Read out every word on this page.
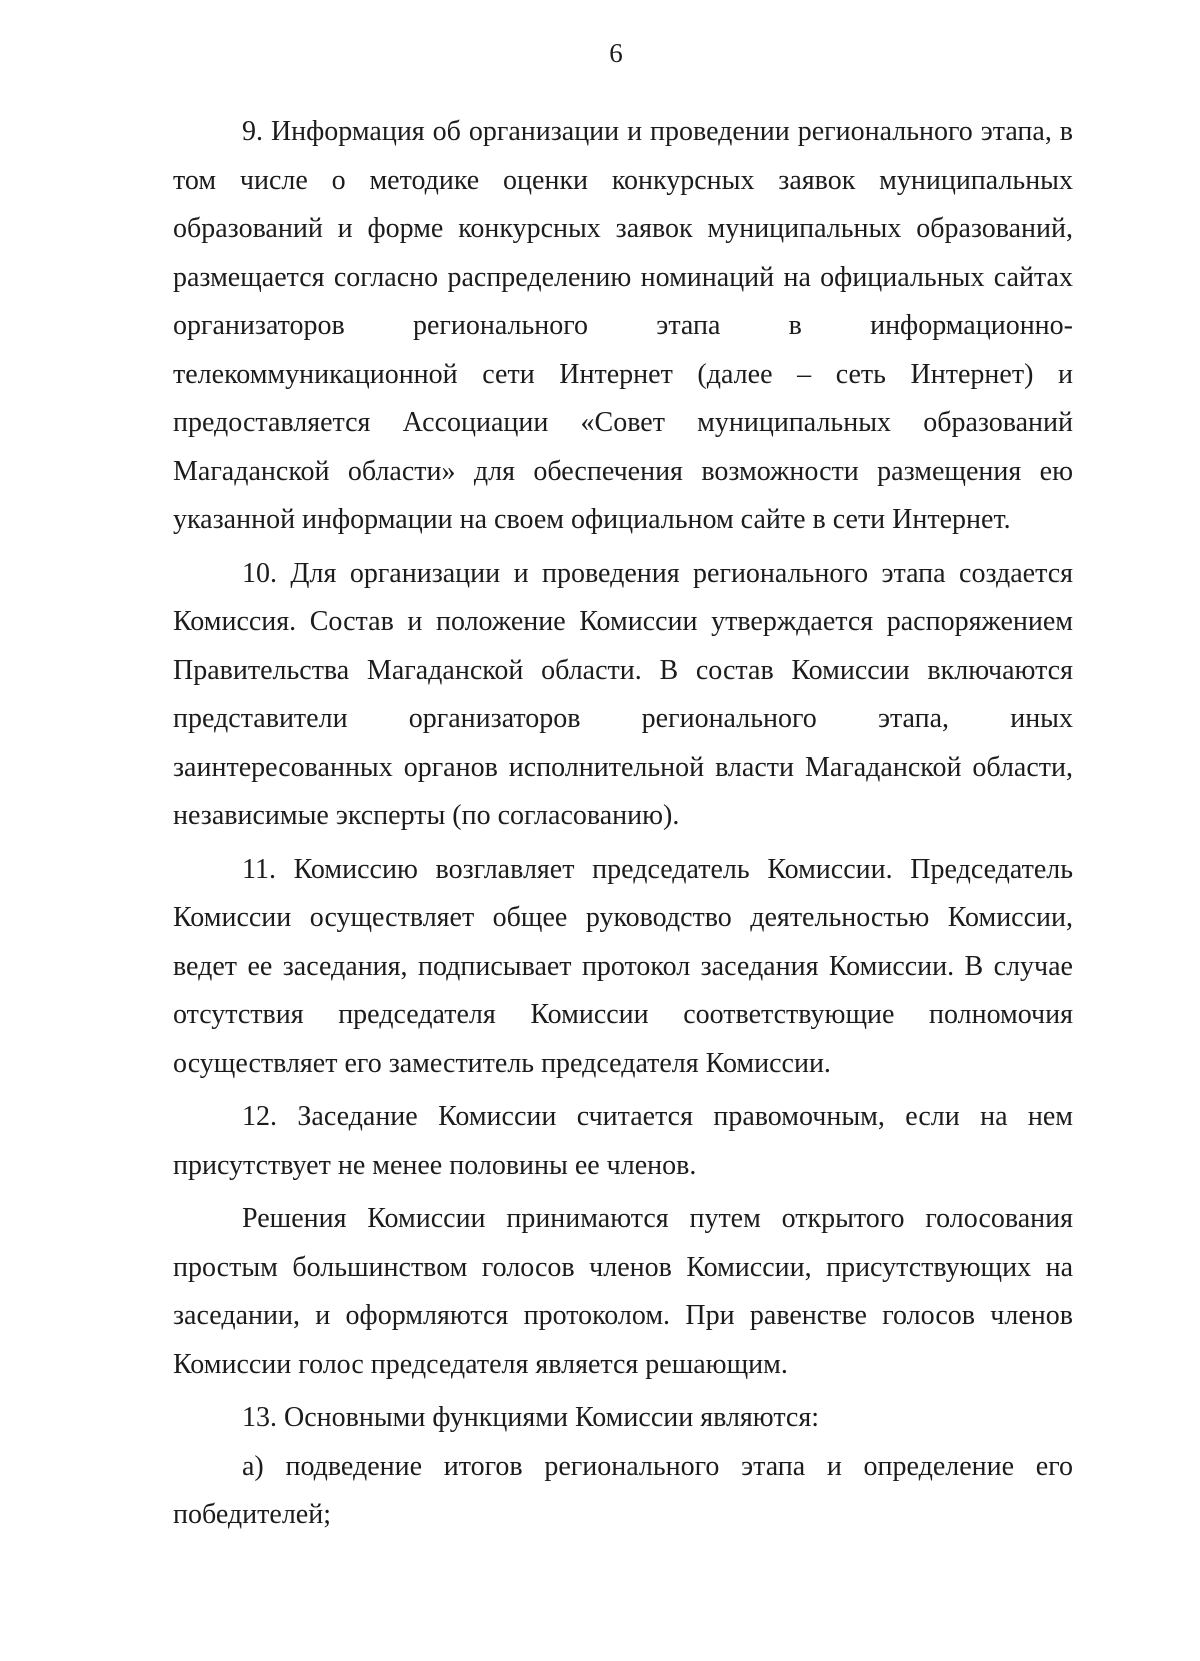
6

9. Информация об организации и проведении регионального этапа, в том числе о методике оценки конкурсных заявок муниципальных образований и форме конкурсных заявок муниципальных образований, размещается согласно распределению номинаций на официальных сайтах организаторов регионального этапа в информационно-телекоммуникационной сети Интернет (далее – сеть Интернет) и предоставляется Ассоциации «Совет муниципальных образований Магаданской области» для обеспечения возможности размещения ею указанной информации на своем официальном сайте в сети Интернет.

10. Для организации и проведения регионального этапа создается Комиссия. Состав и положение Комиссии утверждается распоряжением Правительства Магаданской области. В состав Комиссии включаются представители организаторов регионального этапа, иных заинтересованных органов исполнительной власти Магаданской области, независимые эксперты (по согласованию).

11. Комиссию возглавляет председатель Комиссии. Председатель Комиссии осуществляет общее руководство деятельностью Комиссии, ведет ее заседания, подписывает протокол заседания Комиссии. В случае отсутствия председателя Комиссии соответствующие полномочия осуществляет его заместитель председателя Комиссии.

12. Заседание Комиссии считается правомочным, если на нем присутствует не менее половины ее членов.

Решения Комиссии принимаются путем открытого голосования простым большинством голосов членов Комиссии, присутствующих на заседании, и оформляются протоколом. При равенстве голосов членов Комиссии голос председателя является решающим.

13. Основными функциями Комиссии являются:

а) подведение итогов регионального этапа и определение его победителей;
